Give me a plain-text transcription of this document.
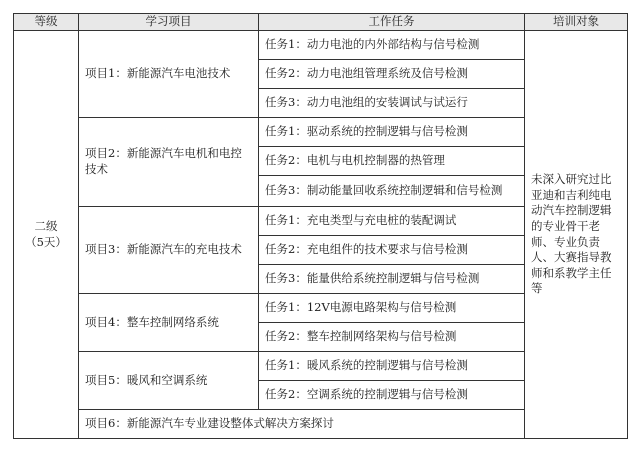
等级	学习项目	工作任务	培训对象

二级
（5天）	项目1：新能源汽车电池技术	任务1：动力电池的内外部结构与信号检测	未深入研究过比亚迪和吉利纯电动汽车控制逻辑的专业骨干老师、专业负责人、大赛指导教师和系教学主任等
		任务2：动力电池组管理系统及信号检测	
		任务3：动力电池组的安装调试与试运行	
	项目2：新能源汽车电机和电控技术	任务1：驱动系统的控制逻辑与信号检测	
		任务2：电机与电机控制器的热管理	
		任务3：制动能量回收系统控制逻辑和信号检测	
	项目3：新能源汽车的充电技术	任务1：充电类型与充电桩的装配调试	
		任务2：充电组件的技术要求与信号检测	
		任务3：能量供给系统控制逻辑与信号检测	
	项目4：整车控制网络系统	任务1：12V电源电路架构与信号检测	
		任务2：整车控制网络架构与信号检测	
	项目5：暖风和空调系统	任务1：暖风系统的控制逻辑与信号检测	
		任务2：空调系统的控制逻辑与信号检测	
	项目6：新能源汽车专业建设整体式解决方案探讨		
